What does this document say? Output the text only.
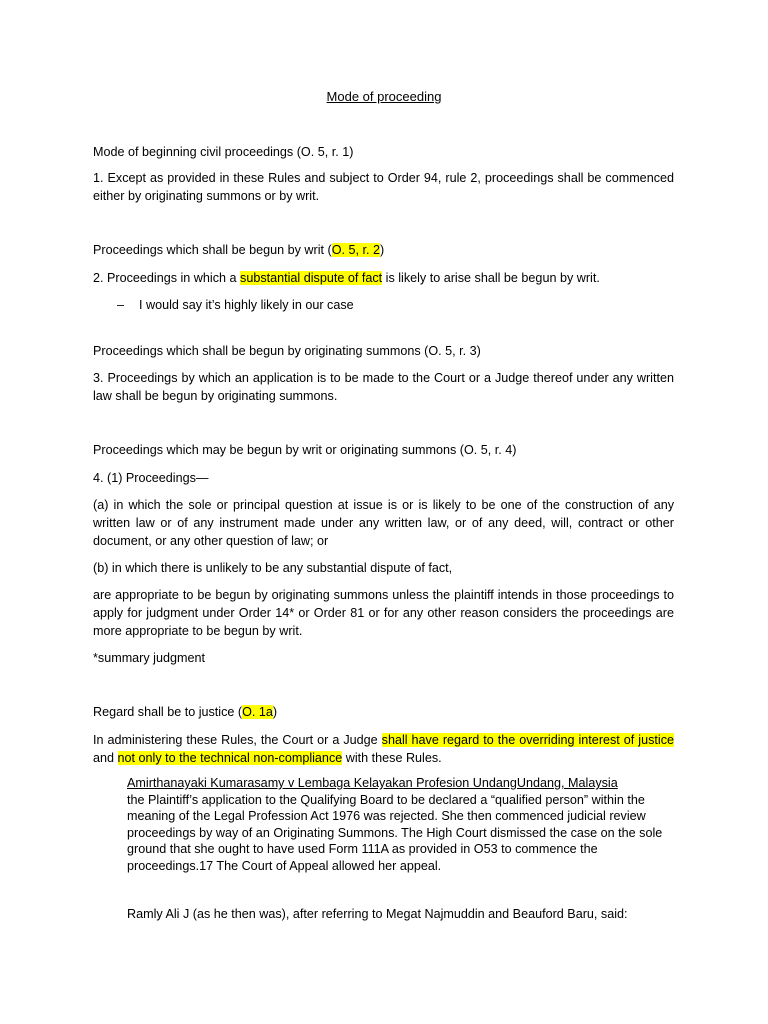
Mode of proceeding

Mode of beginning civil proceedings (O. 5, r. 1)

1. Except as provided in these Rules and subject to Order 94, rule 2, proceedings shall be commenced either by originating summons or by writ.

Proceedings which shall be begun by writ (O. 5, r. 2)

2. Proceedings in which a substantial dispute of fact is likely to arise shall be begun by writ.

– I would say it’s highly likely in our case

Proceedings which shall be begun by originating summons (O. 5, r. 3)

3. Proceedings by which an application is to be made to the Court or a Judge thereof under any written law shall be begun by originating summons.

Proceedings which may be begun by writ or originating summons (O. 5, r. 4)

4. (1) Proceedings—

(a) in which the sole or principal question at issue is or is likely to be one of the construction of any written law or of any instrument made under any written law, or of any deed, will, contract or other document, or any other question of law; or

(b) in which there is unlikely to be any substantial dispute of fact,

are appropriate to be begun by originating summons unless the plaintiff intends in those proceedings to apply for judgment under Order 14* or Order 81 or for any other reason considers the proceedings are more appropriate to be begun by writ.

*summary judgment

Regard shall be to justice (O. 1a)

In administering these Rules, the Court or a Judge shall have regard to the overriding interest of justice and not only to the technical non-compliance with these Rules.

Amirthanayaki Kumarasamy v Lembaga Kelayakan Profesion UndangUndang, Malaysia
the Plaintiff’s application to the Qualifying Board to be declared a “qualified person” within the
meaning of the Legal Profession Act 1976 was rejected. She then commenced judicial review
proceedings by way of an Originating Summons. The High Court dismissed the case on the sole
ground that she ought to have used Form 111A as provided in O53 to commence the
proceedings.17 The Court of Appeal allowed her appeal.
Ramly Ali J (as he then was), after referring to Megat Najmuddin and Beauford Baru, said:
